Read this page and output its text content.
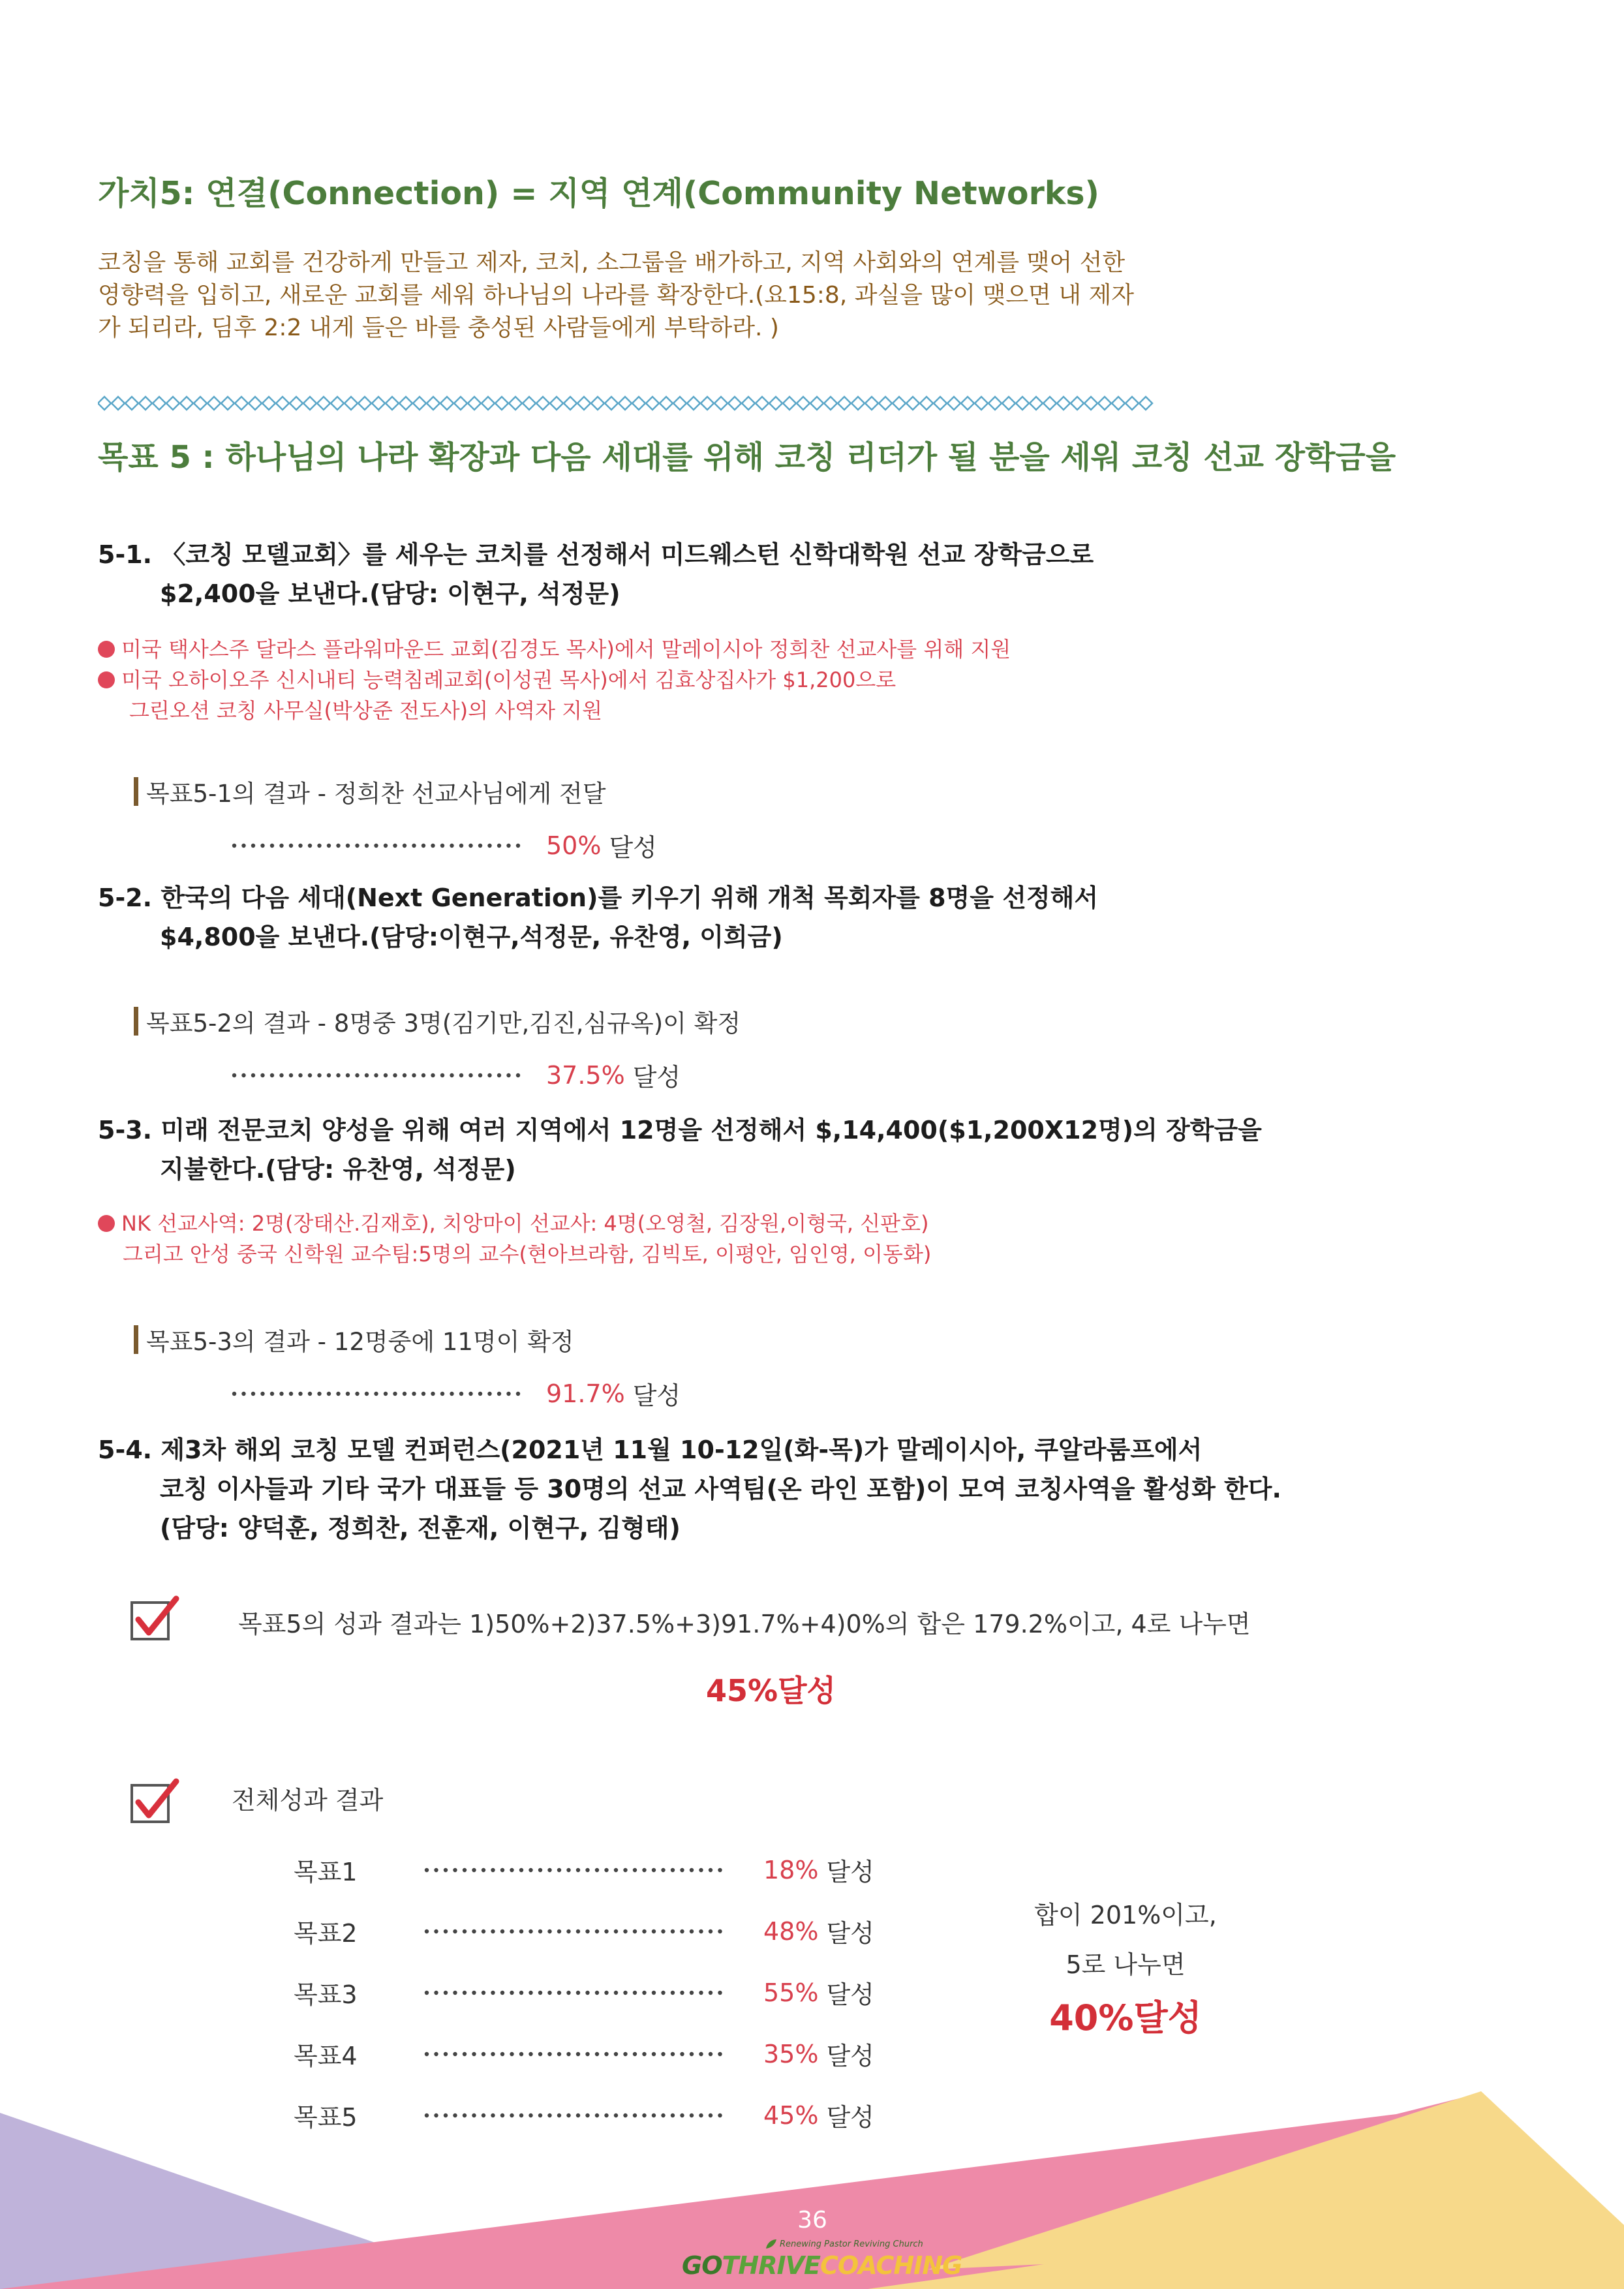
가치5: 연결(Connection) = 지역 연계(Community Networks)
코칭을 통해 교회를 건강하게 만들고 제자, 코치, 소그룹을 배가하고, 지역 사회와의 연계를 맺어 선한
영향력을 입히고, 새로운 교회를 세워 하나님의 나라를 확장한다.(요15:8, 과실을 많이 맺으면 내 제자
가 되리라, 딤후 2:2 내게 들은 바를 충성된 사람들에게 부탁하라. )
목표 5 : 하나님의 나라 확장과 다음 세대를 위해 코칭 리더가 될 분을 세워 코칭 선교 장학금을
5-1. 〈코칭 모델교회〉를 세우는 코치를 선정해서 미드웨스턴 신학대학원 선교 장학금으로
$2,400을 보낸다.(담당: 이현구, 석정문)
미국 택사스주 달라스 플라워마운드 교회(김경도 목사)에서 말레이시아 정희찬 선교사를 위해 지원
미국 오하이오주 신시내티 능력침례교회(이성권 목사)에서 김효상집사가 $1,200으로
그린오션 코칭 사무실(박상준 전도사)의 사역자 지원
목표5-1의 결과 - 정희찬 선교사님에게 전달
50% 달성
5-2. 한국의 다음 세대(Next Generation)를 키우기 위해 개척 목회자를 8명을 선정해서
$4,800을 보낸다.(담당:이현구,석정문, 유찬영, 이희금)
목표5-2의 결과 - 8명중 3명(김기만,김진,심규옥)이 확정
37.5% 달성
5-3. 미래 전문코치 양성을 위해 여러 지역에서 12명을 선정해서 $,14,400($1,200X12명)의 장학금을
지불한다.(담당: 유찬영, 석정문)
NK 선교사역: 2명(장태산.김재호), 치앙마이 선교사: 4명(오영철, 김장원,이형국, 신판호)
그리고 안성 중국 신학원 교수팀:5명의 교수(현아브라함, 김빅토, 이평안, 임인영, 이동화)
목표5-3의 결과 - 12명중에 11명이 확정
91.7% 달성
5-4. 제3차 해외 코칭 모델 컨퍼런스(2021년 11월 10-12일(화-목)가 말레이시아, 쿠알라룸프에서
코칭 이사들과 기타 국가 대표들 등 30명의 선교 사역팀(온 라인 포함)이 모여 코칭사역을 활성화 한다.
(담당: 양덕훈, 정희찬, 전훈재, 이현구, 김형태)
목표5의 성과 결과는 1)50%+2)37.5%+3)91.7%+4)0%의 합은 179.2%이고, 4로 나누면
45%달성
전체성과 결과
목표1	18% 달성
목표2	48% 달성
목표3	55% 달성
목표4	35% 달성
목표5	45% 달성
합이 201%이고,
5로 나누면
40%달성
36
Renewing Pastor Reviving Church
GOTHRIVECOACHING
